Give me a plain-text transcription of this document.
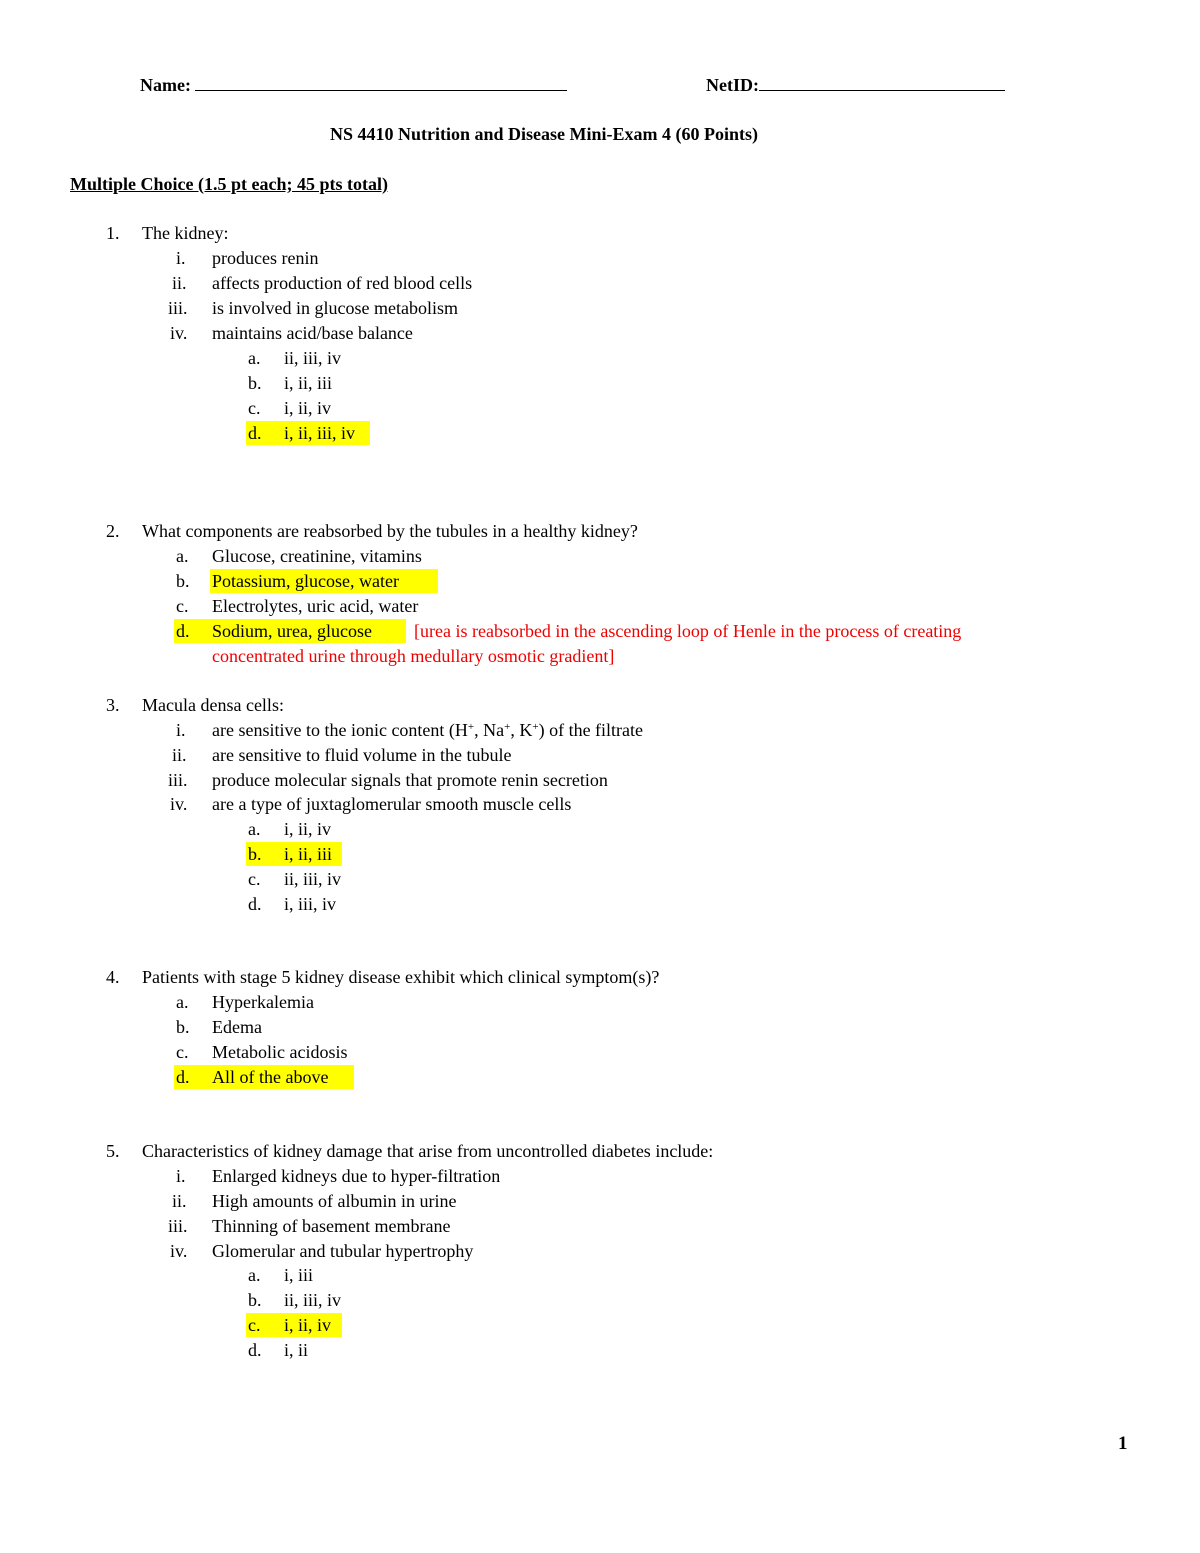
Name:	NetID:
NS 4410 Nutrition and Disease Mini-Exam 4 (60 Points)
Multiple Choice (1.5 pt each; 45 pts total)
1. The kidney:
i. produces renin
ii. affects production of red blood cells
iii. is involved in glucose metabolism
iv. maintains acid/base balance
a. ii, iii, iv
b. i, ii, iii
c. i, ii, iv
d. i, ii, iii, iv
2. What components are reabsorbed by the tubules in a healthy kidney?
a. Glucose, creatinine, vitamins
b. Potassium, glucose, water
c. Electrolytes, uric acid, water
d. Sodium, urea, glucose [urea is reabsorbed in the ascending loop of Henle in the process of creating
concentrated urine through medullary osmotic gradient]
3. Macula densa cells:
i. are sensitive to the ionic content (H+, Na+, K+) of the filtrate
ii. are sensitive to fluid volume in the tubule
iii. produce molecular signals that promote renin secretion
iv. are a type of juxtaglomerular smooth muscle cells
a. i, ii, iv
b. i, ii, iii
c. ii, iii, iv
d. i, iii, iv
4. Patients with stage 5 kidney disease exhibit which clinical symptom(s)?
a. Hyperkalemia
b. Edema
c. Metabolic acidosis
d. All of the above
5. Characteristics of kidney damage that arise from uncontrolled diabetes include:
i. Enlarged kidneys due to hyper-filtration
ii. High amounts of albumin in urine
iii. Thinning of basement membrane
iv. Glomerular and tubular hypertrophy
a. i, iii
b. ii, iii, iv
c. i, ii, iv
d. i, ii
1
